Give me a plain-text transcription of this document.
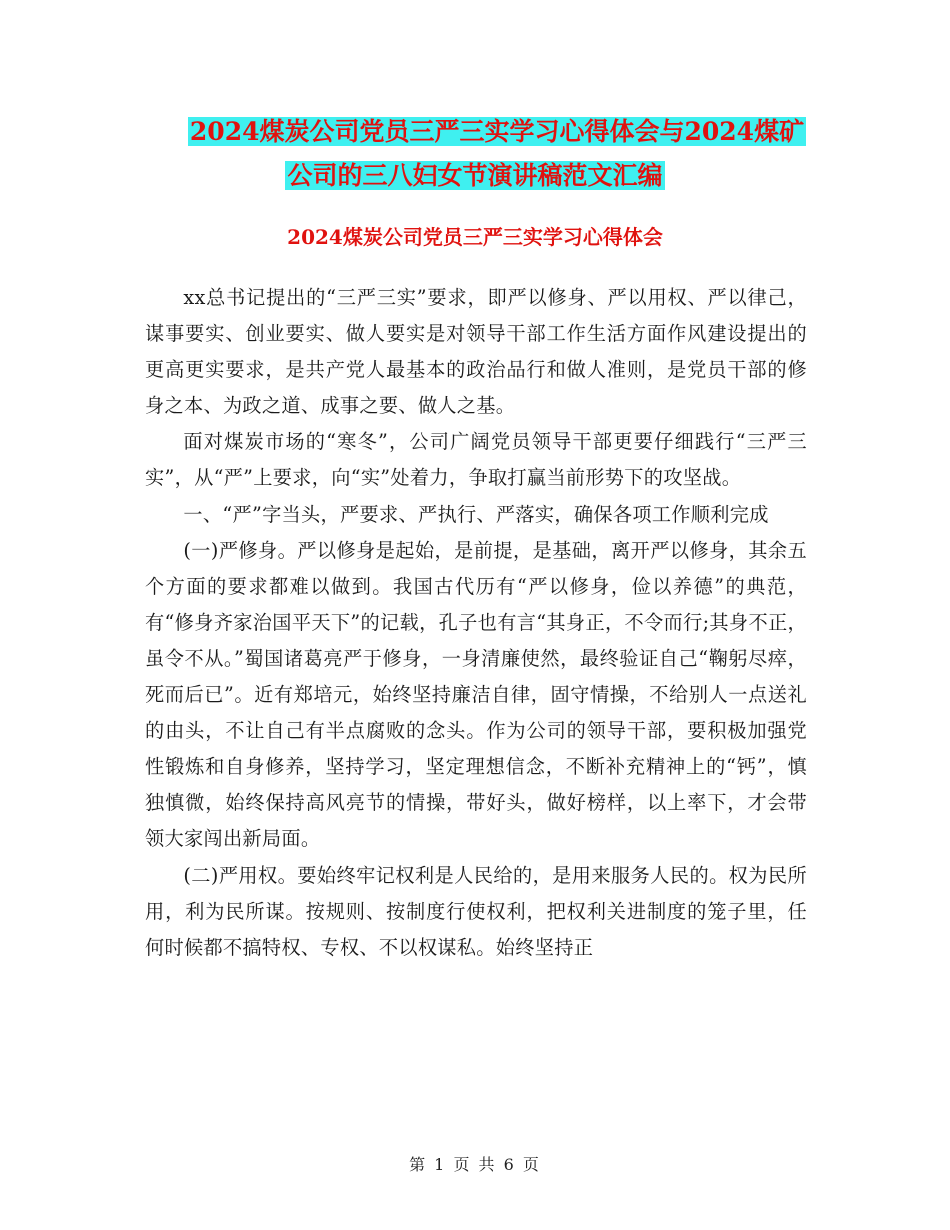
2024煤炭公司党员三严三实学习心得体会与2024煤矿
公司的三八妇女节演讲稿范文汇编
2024煤炭公司党员三严三实学习心得体会

xx总书记提出的“三严三实”要求，即严以修身、严以用权、严以律己，谋事要实、创业要实、做人要实是对领导干部工作生活方面作风建设提出的更高更实要求，是共产党人最基本的政治品行和做人准则，是党员干部的修身之本、为政之道、成事之要、做人之基。

面对煤炭市场的“寒冬”，公司广阔党员领导干部更要仔细践行“三严三实”，从“严”上要求，向“实”处着力，争取打赢当前形势下的攻坚战。

一、“严”字当头，严要求、严执行、严落实，确保各项工作顺利完成

(一)严修身。严以修身是起始，是前提，是基础，离开严以修身，其余五个方面的要求都难以做到。我国古代历有“严以修身，俭以养德”的典范，有“修身齐家治国平天下”的记载，孔子也有言“其身正，不令而行;其身不正，虽令不从。”蜀国诸葛亮严于修身，一身清廉使然，最终验证自己“鞠躬尽瘁，死而后已”。近有郑培元，始终坚持廉洁自律，固守情操，不给别人一点送礼的由头，不让自己有半点腐败的念头。作为公司的领导干部，要积极加强党性锻炼和自身修养，坚持学习，坚定理想信念，不断补充精神上的“钙”，慎独慎微，始终保持高风亮节的情操，带好头，做好榜样，以上率下，才会带领大家闯出新局面。

(二)严用权。要始终牢记权利是人民给的，是用来服务人民的。权为民所用，利为民所谋。按规则、按制度行使权利，把权利关进制度的笼子里，任何时候都不搞特权、专权、不以权谋私。始终坚持正

第 1 页 共 6 页
